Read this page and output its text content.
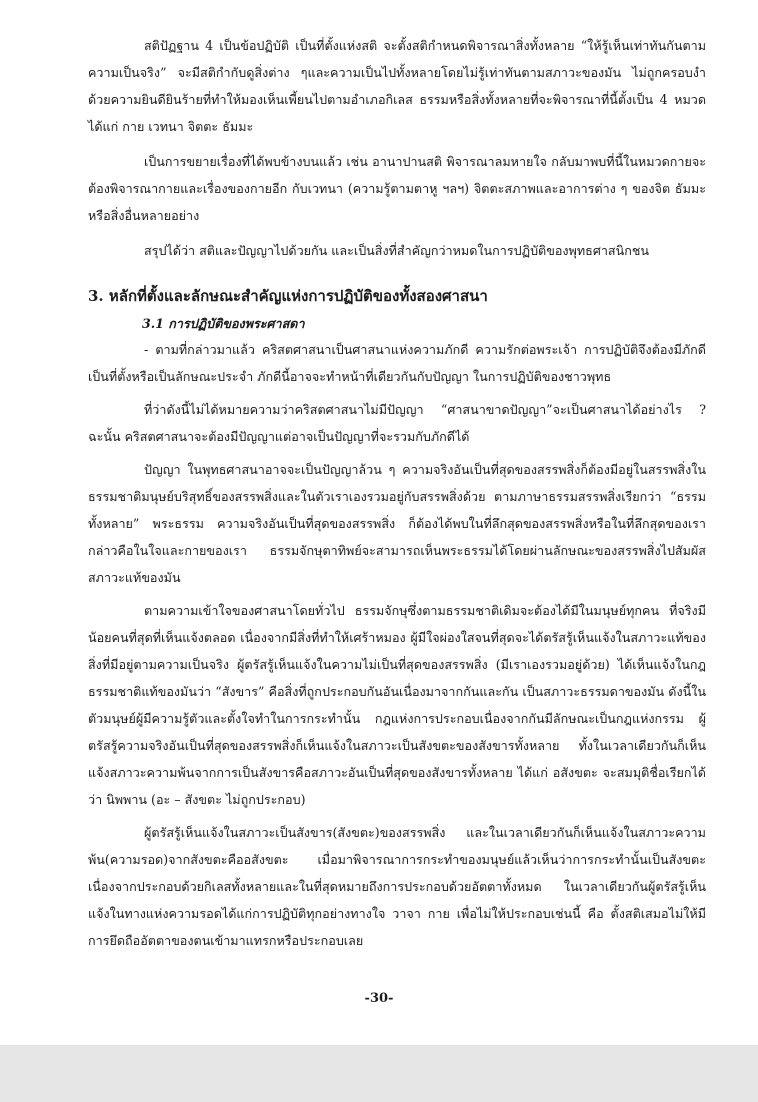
สติปัฏฐาน 4 เป็นข้อปฏิบัติ เป็นที่ตั้งแห่งสติ จะตั้งสติกำหนดพิจารณาสิ่งทั้งหลาย “ให้รู้เห็นเท่าทันกันตามความเป็นจริง” จะมีสติกำกับดูสิ่งต่าง ๆและความเป็นไปทั้งหลายโดยไม่รู้เท่าทันตามสภาวะของมัน ไม่ถูกครอบงำด้วยความยินดียินร้ายที่ทำให้มองเห็นเพี้ยนไปตามอำเภอกิเลส ธรรมหรือสิ่งทั้งหลายที่จะพิจารณาที่นี้ตั้งเป็น 4 หมวด ได้แก่ กาย เวทนา จิตตะ ธัมมะ

เป็นการขยายเรื่องที่ได้พบข้างบนแล้ว เช่น อานาปานสติ พิจารณาลมหายใจ กลับมาพบที่นี้ในหมวดกายจะต้องพิจารณากายและเรื่องของกายอีก กับเวทนา (ความรู้ตามตาหู ฯลฯ) จิตตะสภาพและอาการต่าง ๆ ของจิต ธัมมะหรือสิ่งอื่นหลายอย่าง

สรุปได้ว่า สติและปัญญาไปด้วยกัน และเป็นสิ่งที่สำคัญกว่าหมดในการปฏิบัติของพุทธศาสนิกชน

3. หลักที่ตั้งและลักษณะสำคัญแห่งการปฏิบัติของทั้งสองศาสนา
3.1 การปฏิบัติของพระศาสดา

- ตามที่กล่าวมาแล้ว คริสตศาสนาเป็นศาสนาแห่งความภักดี ความรักต่อพระเจ้า การปฏิบัติจึงต้องมีภักดีเป็นที่ตั้งหรือเป็นลักษณะประจำ ภักดีนี้อาจจะทำหน้าที่เดียวกันกับปัญญา ในการปฏิบัติของชาวพุทธ

ที่ว่าดังนี้ไม่ได้หมายความว่าคริสตศาสนาไม่มีปัญญา “ศาสนาขาดปัญญา”จะเป็นศาสนาได้อย่างไร ? ฉะนั้น คริสตศาสนาจะต้องมีปัญญาแต่อาจเป็นปัญญาที่จะรวมกับภักดีได้

ปัญญา ในพุทธศาสนาอาจจะเป็นปัญญาล้วน ๆ ความจริงอันเป็นที่สุดของสรรพสิ่งก็ต้องมีอยู่ในสรรพสิ่งในธรรมชาติมนุษย์บริสุทธิ์ของสรรพสิ่งและในตัวเราเองรวมอยู่กับสรรพสิ่งด้วย ตามภาษาธรรมสรรพสิ่งเรียกว่า “ธรรมทั้งหลาย” พระธรรม ความจริงอันเป็นที่สุดของสรรพสิ่ง ก็ต้องได้พบในที่ลึกสุดของสรรพสิ่งหรือในที่ลึกสุดของเรากล่าวคือในใจและกายของเรา ธรรมจักษุตาทิพย์จะสามารถเห็นพระธรรมได้โดยผ่านลักษณะของสรรพสิ่งไปสัมผัสสภาวะแท้ของมัน

ตามความเข้าใจของศาสนาโดยทั่วไป ธรรมจักษุซึ่งตามธรรมชาติเดิมจะต้องได้มีในมนุษย์ทุกคน ที่จริงมีน้อยคนที่สุดที่เห็นแจ้งตลอด เนื่องจากมีสิ่งที่ทำให้เศร้าหมอง ผู้มีใจผ่องใสจนที่สุดจะได้ตรัสรู้เห็นแจ้งในสภาวะแท้ของสิ่งที่มีอยู่ตามความเป็นจริง ผู้ตรัสรู้เห็นแจ้งในความไม่เป็นที่สุดของสรรพสิ่ง (มีเราเองรวมอยู่ด้วย) ได้เห็นแจ้งในกฎธรรมชาติแท้ของมันว่า “สังขาร” คือสิ่งที่ถูกประกอบกันอันเนื่องมาจากกันและกัน เป็นสภาวะธรรมดาของมัน ดังนี้ในตัวมนุษย์ผู้มีความรู้ตัวและตั้งใจทำในการกระทำนั้น กฎแห่งการประกอบเนื่องจากกันมีลักษณะเป็นกฎแห่งกรรม ผู้ตรัสรู้ความจริงอันเป็นที่สุดของสรรพสิ่งก็เห็นแจ้งในสภาวะเป็นสังขตะของสังขารทั้งหลาย ทั้งในเวลาเดียวกันก็เห็นแจ้งสภาวะความพ้นจากการเป็นสังขารคือสภาวะอันเป็นที่สุดของสังขารทั้งหลาย ได้แก่ อสังขตะ จะสมมุติชื่อเรียกได้ว่า นิพพาน (อะ – สังขตะ ไม่ถูกประกอบ)

ผู้ตรัสรู้เห็นแจ้งในสภาวะเป็นสังขาร(สังขตะ)ของสรรพสิ่ง และในเวลาเดียวกันก็เห็นแจ้งในสภาวะความพ้น(ความรอด)จากสังขตะคืออสังขตะ เมื่อมาพิจารณาการกระทำของมนุษย์แล้วเห็นว่าการกระทำนั้นเป็นสังขตะเนื่องจากประกอบด้วยกิเลสทั้งหลายและในที่สุดหมายถึงการประกอบด้วยอัตตาทั้งหมด ในเวลาเดียวกันผู้ตรัสรู้เห็นแจ้งในทางแห่งความรอดได้แก่การปฏิบัติทุกอย่างทางใจ วาจา กาย เพื่อไม่ให้ประกอบเช่นนี้ คือ ตั้งสติเสมอไม่ให้มีการยึดถืออัตตาของตนเข้ามาแทรกหรือประกอบเลย

-30-
